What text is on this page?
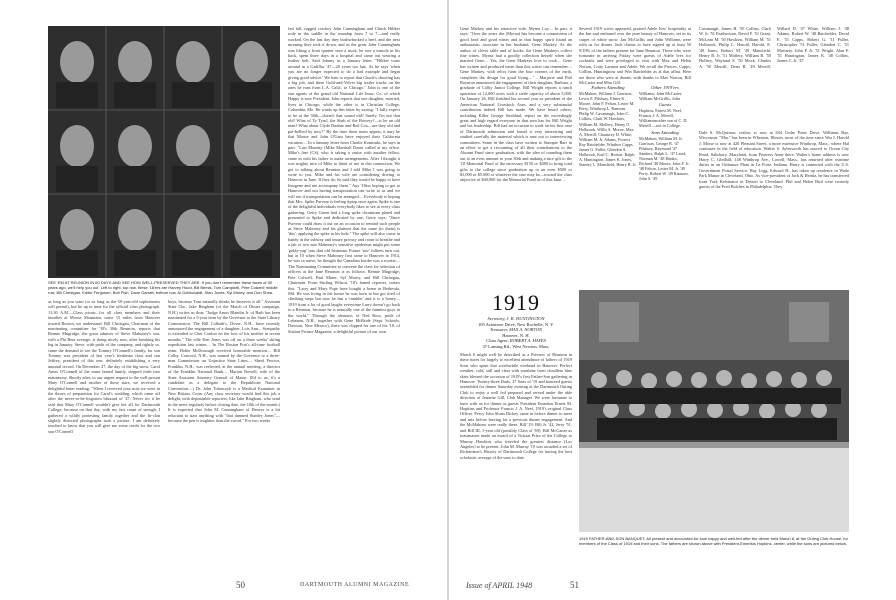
SEE 'EM AT REUNION IN 60 DAYS AND SEE HOW WELL-PRESERVED THEY ARE: If you don't remember these faces of 30 years ago, we'll help you out. Left to right, top row, these '18'ers are Harvey Hood, Bill Bemis, Tom Campbell, Pete Colwell; middle row, Bill Christgau, Eddie Ferguson, Bob Fish, Dave Garratt; bottom row, Al Gottschaldt, Stan Jones, Syl Morey, and Don Shea.
as long as you want (or as long as the 50-year-old sophomores will permit), but be up in time for the official class photograph. 11:30 A.M.—Class picnic...for all class members and their families at Moose Mountain, some 15 miles from Hanover toward Boston, we understand. Bill Christgau, Chairman of the nominating committee for '18's 30th Reunion, reports that Bennie Mugridge, the great admirer of Steve Mahoney's son, with a Phi Beta average, is doing nicely now, after breaking his leg in January. Steve, with pride of the company, and rightly so, came the demand to see the Tommy O'Connell's family, for son Tommy was president of last year's freshman class and son Jeffrey, president of this one, definitely establishing a very unusual record. On December 27, the day of the big snow, Carol Ames O'Connell of the some famed family, stepped forth into matrimony. Shortly after, to our urgent request to the well person Mary O'Connell and mother of these stars, we received a delightful letter reading: "When I received your note we were in the throes of preparation for Carol's wedding, which came off after the never-to-be-forgotten blizzard of '47. Never for it be said that Mary O'Connell wouldn't give her all for Dartmouth College; because on that day, with my fast count of snough, I gathered a wildly protesting family together and the fir-clan slightly distorted photographs took a picture. I am definitely touched to know that you will give me some credit for the two star O'Connell
boys, because Tom naturally thinks he deserves it all." Assistant State Chr., Jake Bingham (of the March of Dimes campaign, N.H.) writes us thus: "Judge Amos Blandin Jr. of Bath has been nominated for a 5-year term by the Governor to the State Library Commission. The Bill Colbath's, Dover, N.H., have recently announced the engagement of a daughter, Lois Ann... Sympathy is extended to Chet Conlon on the loss of his mother in recent months." The ville Ken Jones was off on a three weeks' skiing expedition last winter.... In The Boston Post's all-time football team, Hobie McDonough received honorable mention.... Bill Colby, Concord, N.H., was named by the Governor to a three-man Commission on Unjustice State Lines.... Sheaf Proctor, Franklin, N.H., was reelected, at the annual meeting, a director of the Franklin National Bank.... Marion Rowell, wife of the State Assistant Attorney General of Maine. (Ed to us; it's a candidate as a delegate to the Republican National Convention....) Dr. John Tobarczyk is a Medical Examiner in New Britain, Conn. (Any class secretary would find this job a delight, with dependable reporters, like Jake Bingham, who send in the news regularly before closing date, the 10th of the month.) It is expected that John M. Cunningham of Denver is a bit reluctant to start anything with "that damned Stanley Jones"—because the pen is mightier than the sword." For two weeks
last fall, rugged cowboy John Cunningham and Chuck Hiliker rode in the saddle in the roundup from 7 to 7—and really worked. On the last day they bushwhacked a beef, and the next morning they took it down, and as the great John Cunningham was lifting a front quarter onto a truck, he tore a muscle in his back, spent three days in a hospital and came out wearing a leather belt. Said Johnny in a January letter. "Hiliker tours around in a Cadillac '47—20 years too late. As he says 'when you are no longer expected to do a bad example and begin giving good advice.' We hate to report that Chuck's shooting has a big job, and three Gold-and-Velvet big trailer trucks on the ones he runs from L.A. Calif., to Chicago." John is one of the star agents of the grand old National Life Insur. Co. of which Happy is now President. John reports that one daughter, married, lives in Chicago, while the other is in Christian College, Columbia, Mo. He winds up this letter by saying: "I fully expect to be at the 30th—doesn't that sound old? Surely, I'm not that old! What of Ty Tyrol, the Shah of the Bowery?—is he an old man? What about Clyde Dunbar and Red Cox—are they old and pot-bellied by now?" By the time these notes appear, it may be that Mouse and John O'Gara have enjoyed their California vacation.... In a January letter from Charlie Kominski, he says in part: "Last Monday (Mike Marshall Dauer called at my office. Mike's fine (CS), who is taking a cruise with another fellow, came in with his father to make arrangements. After I thought it was mighty nice of Mike to think of me in this connection. We got to talking about Reunion and I told Mike I was going to write to you. Mike and his wife are considering driving to Hanover in June. If they do, he said they would be happy to have Imogene and me accompany them." Any '18ers hoping to get to Hanover and not having transportation can write to us and we will see if transportation can be arranged.... Everybody is hoping that Mrs. Spike Purvear is feeling tiptop once again. Spike is one of the delightful individuals everybody likes to see at every class gathering. Gerry Green had a long spike chromium plated and presented to Spike and dedicated by one, Gerry says: "Since Purvear could draw it out on an occasion to remind such people as Steve Mahoney and his gluttons that the same (to them) is 'this', applying the spike in his hide." The spike will also come in handy in the subway and insure privacy and room to breathe and a jab or two into Mahoney's sensitive epidermis might put some 'giddy-yap' into that old Irishman. Future 'tow' folkees turn out, but at 10 when Steve Mahoney first came to Hanover in 1914, he was so naive, he thought the Canadian border was a rooster.... The Nominating Committee to convene the class for selection of officers at the June Reunion is as follows: Bennie Mugridge, Pete Colwell, Paul Miner, Syl Morey, and Bill Christgau, Chairman. From Stirling Wilson, '18's famed reporter, comes this: "Larry and Mary Pope have bought a home in Bethesda, Md. He was living in the house he was born in but got tired of climbing steps but now he has a 'rambler' and it is a honey.... 1919 from a lot of good laughs everytime Larry doesn't go back to a Reunion, because he is naturally one of the funniest guys in the world." Through the alertness of Ned Ross, pride of Lebanon, N.H., together with Gene McBride (Sept. Schools, Dawson, New Mexico), there was clipped for one of his '18, of Station Picture Magazine, a delightful picture of our own
50	DARTMOUTH ALUMNI MAGAZINE
Gene Markey and his attractive wife, Myrna Loy.... In part, it says: "Over the years she (Myrna) has become a connoisseur of good food and good wines and in that happy spirit found an enthusiastic associate in her husband, Gene Markey. As the author of clever table and of books, the Gene Markeys collect fine wines. Myrna had a goodly collection herself when she married Gene.... Yes, the Gene Markeys love to cook.... Gene has written and produced more than this writer can remember.... Gene Markey, with relics from the four corners of the earth, completes the design for good living...." ...Marjorie and Phil Boynton announced the engagement of their daughter, Barbara, a graduate of Colby Junior College. Bill Wright reports a ranch operation of 12,000 acres with a cattle capacity of about 5,000. On January 26, Bill finished his second year as president of the American National Livestock Assn. and a very substantial contribution indeed Bill has made. We have heard others, including Killer George Stoddard, report on the exceedingly great and high regard everyone in that area has for Bill Wright and his leadership. Bill had an occasion to work on his first case of Dartmouth admission and found it very interesting and studied carefully the material which is sent out to interviewing committees. Some in the class have written to Stumpie Barr in an effort to get a recounting of all their contributions to the Alumni Fund since graduation, with the idea of rounding them out to an even amount to your 30th and making a nice gift to the '18 Memorial Fund of the necessary $150 or $480 to bring total gifts to the college since graduation up to an even $500 or $1,000 or $5,000 or whatever the case may be—toward the class objective of $40,000 for the Memorial Fund as of this June....
Several 1919 wives appeared, praised Adele Ives' hospitality at the Inn and enthused over the pure beauty of Hanover, set in its carpet of white snow. Jan McGrillis and John Williams were with us for dinner. Jack claims to have signed up at least 50 9/10% of the fathers present for June Reunion. Those who were fortunate in arriving Friday were guests of Adele Ives for cocktails and were privileged to visit with Max and Helen Norton, Cotty Larmon and Adele. We recall the Pierces, Capps, Collins, Huntingtons and Win Batchelder as at that affair. Here are those who were at dinner, with thanks to Max Norton, Bill McCarter and Miss Gill.
Fathers Attending
McMahon, William J. Garrison, Lewis F. Pilsbury, Elmer K. Moore, John F. Felton, Lester M. Perry, Winthrop L. Ransom, Philip W. Cavanaugh, John C. Collins, Clark W. Hawkins, William M. Mollery, Henry O. Holbrook, Willis S. Moore, Max A. Merrill, Chauncey D. White, William M. Jr. Adams, Forrest Ray Batchelder, Windsor Capps, James G. Fuller, Glendon A. Holbrook, Karl C. Horton, Ralph A. Huntington, James K. Jones, Stanley L. Mansfield, Henry R. Jr.
Other 1919'ers
Williams, John McCarter, William McGrillis, John
Guests
Hopkins, Ernest M. Neef, Francis J. A. Merrill, Williamsmother son of C. D. Merrill —not in College.
Sons Attending
McMahon, William M. Jr. Garrison, George B. '47 Pilsbury, Raymond '47 Sanders, Ralph L. '47 Laird, Norman M. '48 Hanko, Richard '48 Moore, John F. Jr. '48 Felton, Lester M. Jr. '49 Perry, Robert W. '49 Ransom, John S. '49
1919
Secretary, J. K. HUNTINGTON
105 Aviemore Drive, New Rochelle, N. Y.
Treasurer, MAX A. NORTON
Hanover, N. H.
Class Agent, ROBERT A. HAYES
37 Lansing Rd., West Newton, Mass.
March 6 might well be described as a Preview of Reunion in these notes for largely to excellent attendance of fathers of 1919 Sons who spent that worthwhile weekend in Hanover. Perfect weather, cold, still and clear with sunshine from cloudless blue skies blessed the occasion of 1919's first Father-Son gathering in Hanover. Twenty-three Dads, 37 Sons of '19 and honored guests assembled for dinner Saturday evening at the Dartmouth Outing Club to enjoy a well fed prepared and served under the able direction of Jeanette Gill, Club Manager. We were fortunate to have with us for dinner as guests President Emeritus Ernest M. Hopkins and Professor Francis J. A. Neef, 1919's original Class Officer. Percy John Sloan Dickey came in before dinner to meet and mix before leaving for a previous dinner engagement. And the McMahons were really there. Bill '19, Bill Jr. '42, Jerry '51, and Bill III, 1-year old (possibly Class of '69). Bill McCarter as toastmaster made an award of a Tickaat Prize of the College to Murray Hawkins who traveled the greatest distance (Los Angeles) to be present. John M. Murray '19 was awarded a set of Richardson's History of Dartmouth College for having the best scholastic average of the sons to date.
Cavanaugh, James H. '50 Collins, Clark W. Jr. '51 Featherston, David F. '51 Grant, McLean M. '50 Hawkins, William M. '51 Holbrook, Philip L. Harold, Harold, E. '49 Jones, Robert M. '49 Mansfield, Henry R. Jr. '51 Mollery, William B. '50 Hollery, Wayland S. '50 Mock, Charles A. '50 Merrill, Dean R. '49 Merrill, Willard D. '47 White, William J. '48 Adams, Robert W. '48 Batchelder, David E. '51 Capps, Robert G. '51 Fuller, Christopher '51 Fuller, Glendon C. '51 Moriarty, John P. Jr. '51 Wright, Alan P. '51 Huntington, James K. '48 Collins, James C. Jr. '47
Dale S. McQuiston, realtor, is now at 844 Cedar Point Drive, Williams Bay, Wisconsin. "Mac" has been in Wheaton, Illinois, most of the time since War I. Harold J. Morse is now at 420 Pleasant Street, a more extensive Winthrop, Mass., where Hal continues in the field of education. Walter S. Aylesworth has moved to Ocean City Road, Salisbury, Maryland, from Princess Anne there. Walter's home address is now Harry C. Gledhill, 148 Winthrop Ave., Lowell, Mass., has returned after wartime duties in an Ordnance Plant in La Porte, Indiana. Harry is connected with the U.S. Government Postal Service. Ray Legg, Edward H., has taken up residence in Wade Park Manor in Cleveland, Ohio. As vice-president of Jack & Heintz, he has transferred from York Kelvinator in Detroit to Cleveland. Phil and Helen Bird were recently guests of the Fred Bolches in Philadelphia. They
1919 FATHER-AND-SON BANQUET: All present and accounted-for look happy and well-fed after the dinner held March 6, at the Outing Club House, for members of the Class of 1919 and their sons. The fathers are shown above with President-Emeritus Hopkins, center, while the sons are pictured below.
Issue of APRIL 1948	51
